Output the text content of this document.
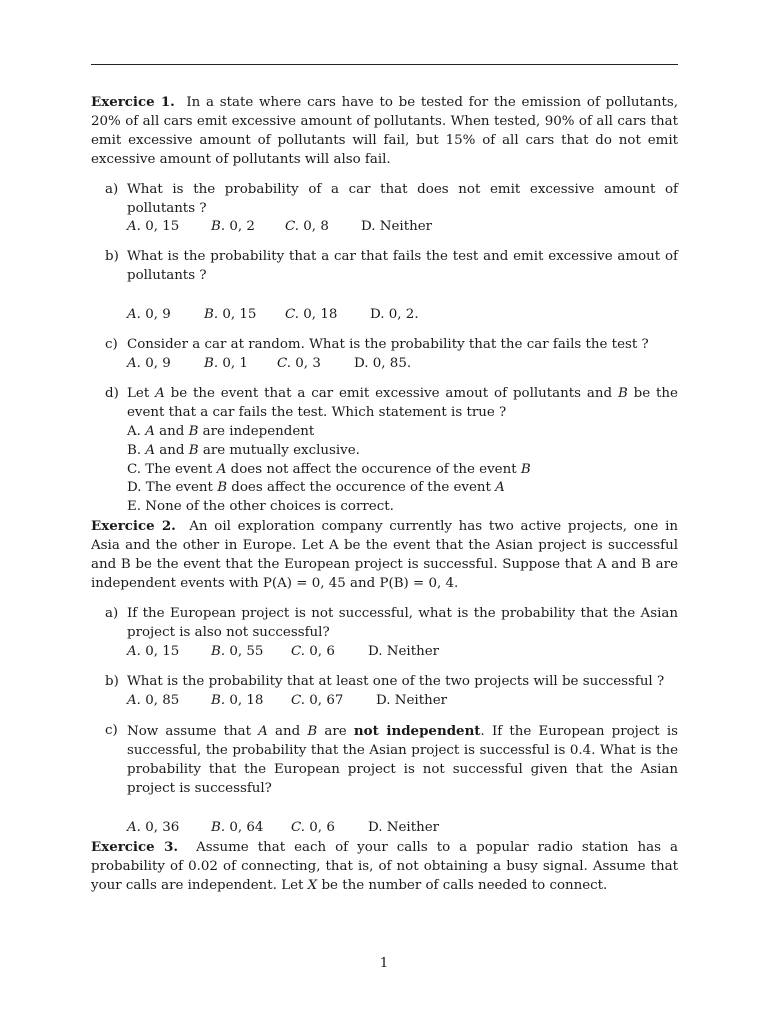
Exercice 1. In a state where cars have to be tested for the emission of pollutants, 20% of all cars emit excessive amount of pollutants. When tested, 90% of all cars that emit excessive amount of pollutants will fail, but 15% of all cars that do not emit excessive amount of pollutants will also fail.

a) What is the probability of a car that does not emit excessive amount of pollutants ?
A. 0, 15	B. 0, 2	C. 0, 8	D. Neither
b) What is the probability that a car that fails the test and emit excessive amout of pollutants ?
A. 0, 9	B. 0, 15	C. 0, 18	D. 0, 2.
c) Consider a car at random. What is the probability that the car fails the test ?
A. 0, 9	B. 0, 1	C. 0, 3	D. 0, 85.
d) Let A be the event that a car emit excessive amout of pollutants and B be the event that a car fails the test. Which statement is true ?
A. A and B are independent
B. A and B are mutually exclusive.
C. The event A does not affect the occurence of the event B
D. The event B does affect the occurence of the event A
E. None of the other choices is correct.

Exercice 2. An oil exploration company currently has two active projects, one in Asia and the other in Europe. Let A be the event that the Asian project is successful and B be the event that the European project is successful. Suppose that A and B are independent events with P(A) = 0, 45 and P(B) = 0, 4.

a) If the European project is not successful, what is the probability that the Asian project is also not successful?
A. 0, 15	B. 0, 55	C. 0, 6	D. Neither
b) What is the probability that at least one of the two projects will be successful ?
A. 0, 85	B. 0, 18	C. 0, 67	D. Neither
c) Now assume that A and B are not independent. If the European project is successful, the probability that the Asian project is successful is 0.4. What is the probability that the European project is not successful given that the Asian project is successful?
A. 0, 36	B. 0, 64	C. 0, 6	D. Neither

Exercice 3. Assume that each of your calls to a popular radio station has a probability of 0.02 of connecting, that is, of not obtaining a busy signal. Assume that your calls are independent. Let X be the number of calls needed to connect.

1
